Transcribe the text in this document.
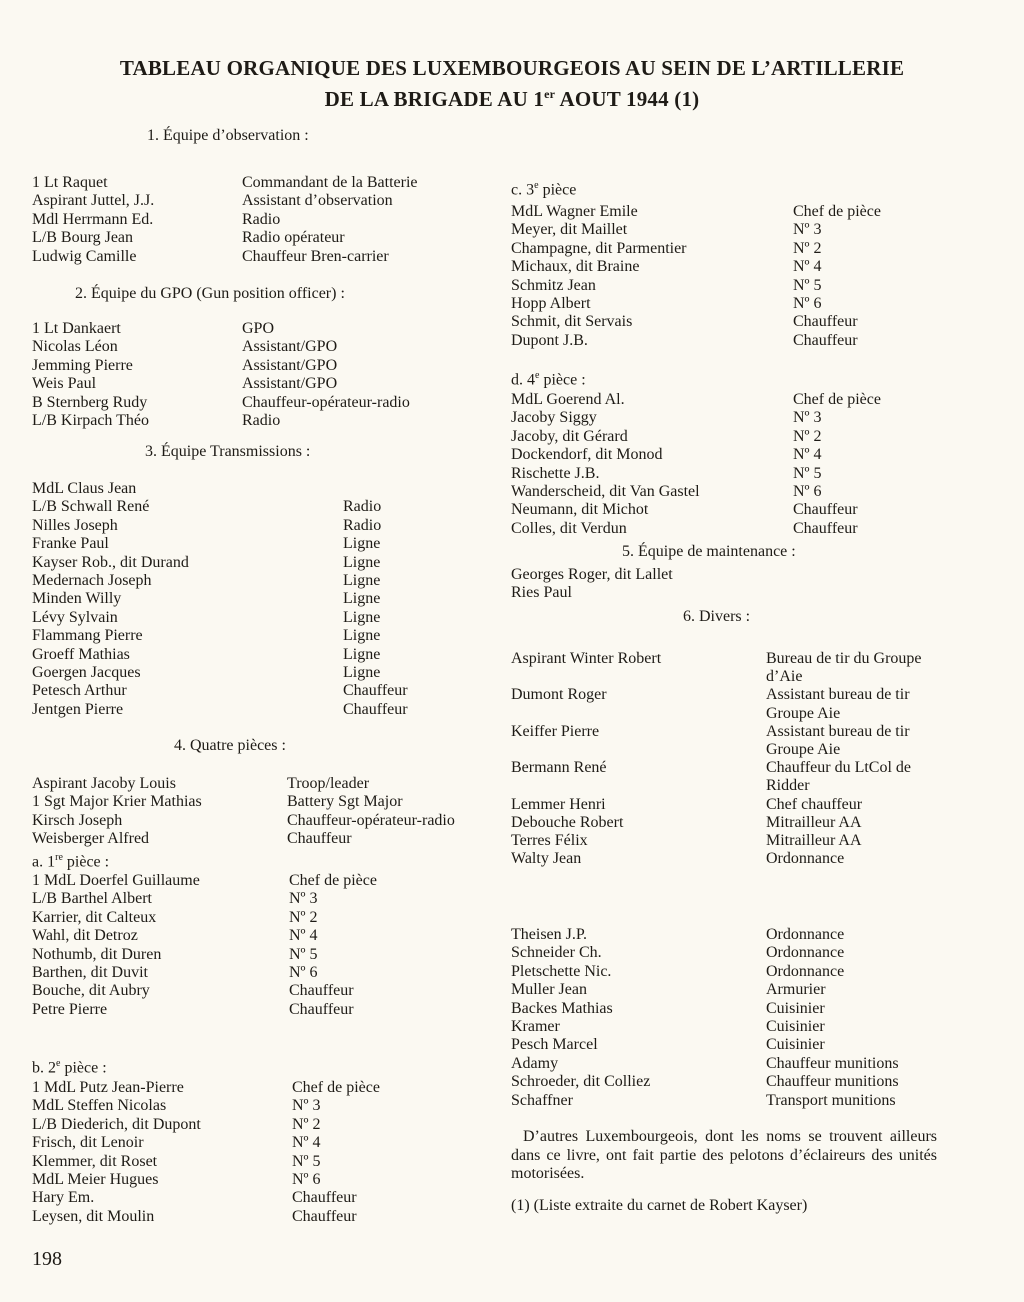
TABLEAU ORGANIQUE DES LUXEMBOURGEOIS AU SEIN DE L’ARTILLERIE
DE LA BRIGADE AU 1er AOUT 1944 (1)
1. Équipe d’observation :
1 Lt Raquet	Commandant de la Batterie
Aspirant Juttel, J.J.	Assistant d’observation
Mdl Herrmann Ed.	Radio
L/B Bourg Jean	Radio opérateur
Ludwig Camille	Chauffeur Bren-carrier
2. Équipe du GPO (Gun position officer) :
1 Lt Dankaert	GPO
Nicolas Léon	Assistant/GPO
Jemming Pierre	Assistant/GPO
Weis Paul	Assistant/GPO
B Sternberg Rudy	Chauffeur-opérateur-radio
L/B Kirpach Théo	Radio
3. Équipe Transmissions :
MdL Claus Jean
L/B Schwall René	Radio
Nilles Joseph	Radio
Franke Paul	Ligne
Kayser Rob., dit Durand	Ligne
Medernach Joseph	Ligne
Minden Willy	Ligne
Lévy Sylvain	Ligne
Flammang Pierre	Ligne
Groeff Mathias	Ligne
Goergen Jacques	Ligne
Petesch Arthur	Chauffeur
Jentgen Pierre	Chauffeur
4. Quatre pièces :
Aspirant Jacoby Louis	Troop/leader
1 Sgt Major Krier Mathias	Battery Sgt Major
Kirsch Joseph	Chauffeur-opérateur-radio
Weisberger Alfred	Chauffeur
a. 1re pièce :
1 MdL Doerfel Guillaume	Chef de pièce
L/B Barthel Albert	Nº 3
Karrier, dit Calteux	Nº 2
Wahl, dit Detroz	Nº 4
Nothumb, dit Duren	Nº 5
Barthen, dit Duvit	Nº 6
Bouche, dit Aubry	Chauffeur
Petre Pierre	Chauffeur
b. 2e pièce :
1 MdL Putz Jean-Pierre	Chef de pièce
MdL Steffen Nicolas	Nº 3
L/B Diederich, dit Dupont	Nº 2
Frisch, dit Lenoir	Nº 4
Klemmer, dit Roset	Nº 5
MdL Meier Hugues	Nº 6
Hary Em.	Chauffeur
Leysen, dit Moulin	Chauffeur
c. 3e pièce
MdL Wagner Emile	Chef de pièce
Meyer, dit Maillet	Nº 3
Champagne, dit Parmentier	Nº 2
Michaux, dit Braine	Nº 4
Schmitz Jean	Nº 5
Hopp Albert	Nº 6
Schmit, dit Servais	Chauffeur
Dupont J.B.	Chauffeur
d. 4e pièce :
MdL Goerend Al.	Chef de pièce
Jacoby Siggy	Nº 3
Jacoby, dit Gérard	Nº 2
Dockendorf, dit Monod	Nº 4
Rischette J.B.	Nº 5
Wanderscheid, dit Van Gastel	Nº 6
Neumann, dit Michot	Chauffeur
Colles, dit Verdun	Chauffeur
5. Équipe de maintenance :
Georges Roger, dit Lallet
Ries Paul
6. Divers :
Aspirant Winter Robert	Bureau de tir du Groupe d’Aie
Dumont Roger	Assistant bureau de tir Groupe Aie
Keiffer Pierre	Assistant bureau de tir Groupe Aie
Bermann René	Chauffeur du LtCol de Ridder
Lemmer Henri	Chef chauffeur
Debouche Robert	Mitrailleur AA
Terres Félix	Mitrailleur AA
Walty Jean	Ordonnance
Theisen J.P.	Ordonnance
Schneider Ch.	Ordonnance
Pletschette Nic.	Ordonnance
Muller Jean	Armurier
Backes Mathias	Cuisinier
Kramer	Cuisinier
Pesch Marcel	Cuisinier
Adamy	Chauffeur munitions
Schroeder, dit Colliez	Chauffeur munitions
Schaffner	Transport munitions

D’autres Luxembourgeois, dont les noms se trouvent ailleurs dans ce livre, ont fait partie des pelotons d’éclaireurs des unités motorisées.

(1) (Liste extraite du carnet de Robert Kayser)
198
